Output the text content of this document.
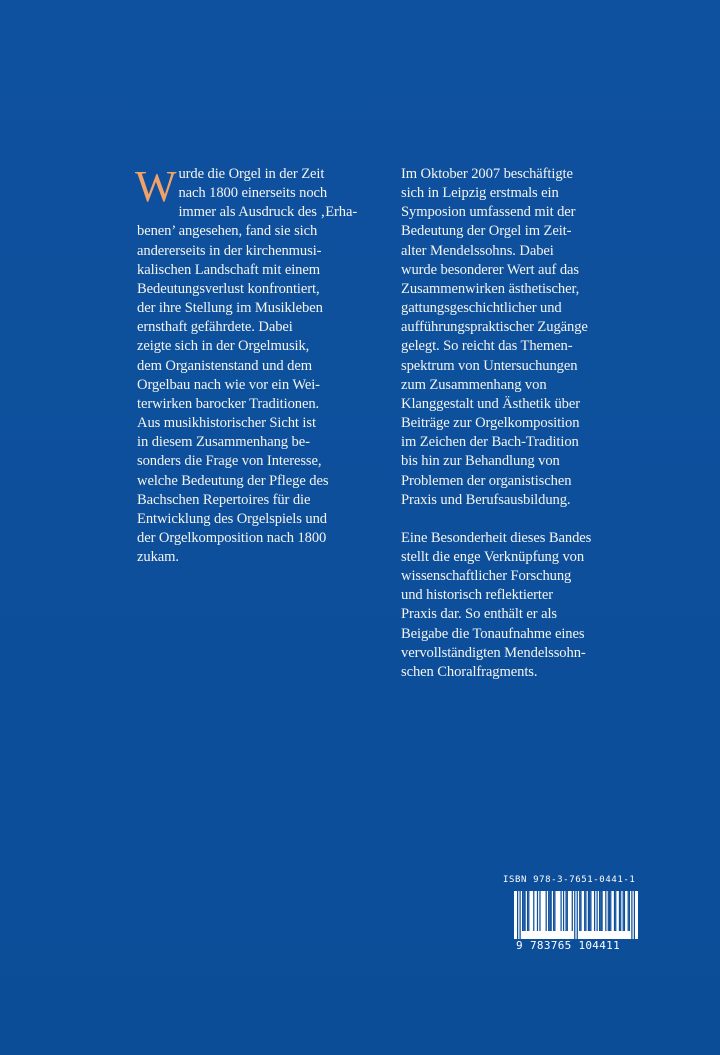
W urde die Orgel in der Zeit
nach 1800 einerseits noch
immer als Ausdruck des ‚Erha-
benen’ angesehen, fand sie sich
andererseits in der kirchenmusi-
kalischen Landschaft mit einem
Bedeutungsverlust konfrontiert,
der ihre Stellung im Musikleben
ernsthaft gefährdete. Dabei
zeigte sich in der Orgelmusik,
dem Organistenstand und dem
Orgelbau nach wie vor ein Wei-
terwirken barocker Traditionen.
Aus musikhistorischer Sicht ist
in diesem Zusammenhang be-
sonders die Frage von Interesse,
welche Bedeutung der Pflege des
Bachschen Repertoires für die
Entwicklung des Orgelspiels und
der Orgelkomposition nach 1800
zukam.
Im Oktober 2007 beschäftigte
sich in Leipzig erstmals ein
Symposion umfassend mit der
Bedeutung der Orgel im Zeit-
alter Mendelssohns. Dabei
wurde besonderer Wert auf das
Zusammenwirken ästhetischer,
gattungsgeschichtlicher und
aufführungspraktischer Zugänge
gelegt. So reicht das Themen-
spektrum von Untersuchungen
zum Zusammenhang von
Klanggestalt und Ästhetik über
Beiträge zur Orgelkomposition
im Zeichen der Bach-Tradition
bis hin zur Behandlung von
Problemen der organistischen
Praxis und Berufsausbildung.
Eine Besonderheit dieses Bandes
stellt die enge Verknüpfung von
wissenschaftlicher Forschung
und historisch reflektierter
Praxis dar. So enthält er als
Beigabe die Tonaufnahme eines
vervollständigten Mendelssohn-
schen Choralfragments.
ISBN 978-3-7651-0441-1
9 783765 104411
